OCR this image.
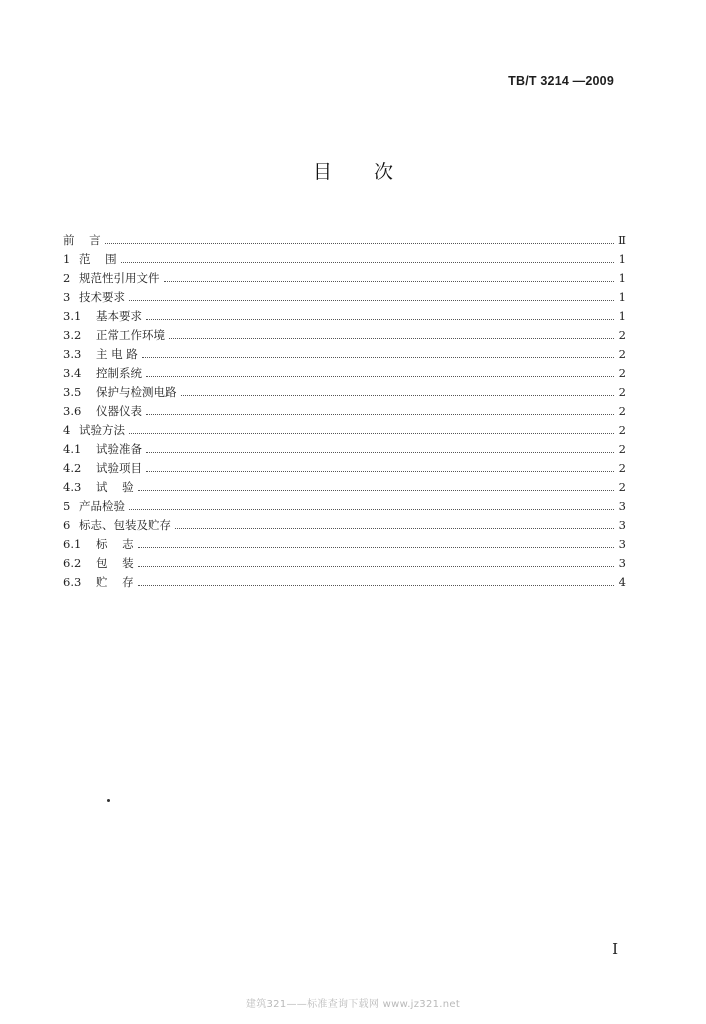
TB/T 3214 —2009
目次
前    言	Ⅱ
1 范    围	1
2 规范性引用文件	1
3 技术要求	1
3.1	基本要求	1
3.2	正常工作环境	2
3.3	主 电 路	2
3.4	控制系统	2
3.5	保护与检测电路	2
3.6	仪器仪表	2
4 试验方法	2
4.1	试验准备	2
4.2	试验项目	2
4.3	试    验	2
5 产品检验	3
6 标志、包装及贮存	3
6.1	标    志	3
6.2	包    装	3
6.3	贮    存	4
I
建筑321——标准查询下载网 www.jz321.net
